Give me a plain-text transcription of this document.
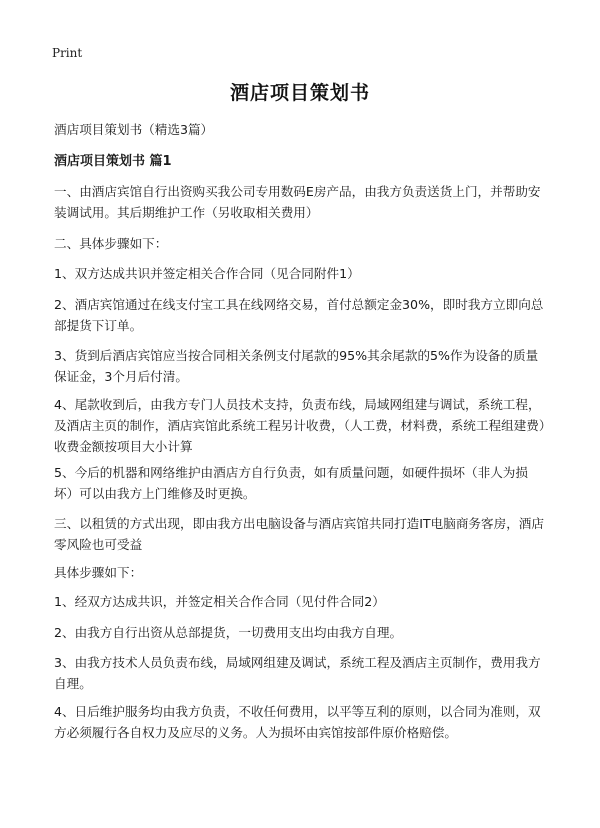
Print
酒店项目策划书
酒店项目策划书（精选3篇）
酒店项目策划书 篇1
一、由酒店宾馆自行出资购买我公司专用数码E房产品，由我方负责送货上门，并帮助安装调试用。其后期维护工作（另收取相关费用）
二、具体步骤如下：
1、双方达成共识并签定相关合作合同（见合同附件1）
2、酒店宾馆通过在线支付宝工具在线网络交易，首付总额定金30%，即时我方立即向总部提货下订单。
3、货到后酒店宾馆应当按合同相关条例支付尾款的95%其余尾款的5%作为设备的质量保证金，3个月后付清。
4、尾款收到后，由我方专门人员技术支持，负责布线，局域网组建与调试，系统工程，及酒店主页的制作，酒店宾馆此系统工程另计收费，（人工费，材料费，系统工程组建费）收费金额按项目大小计算
5、今后的机器和网络维护由酒店方自行负责，如有质量问题，如硬件损坏（非人为损坏）可以由我方上门维修及时更换。
三、以租赁的方式出现，即由我方出电脑设备与酒店宾馆共同打造IT电脑商务客房，酒店零风险也可受益
具体步骤如下：
1、经双方达成共识，并签定相关合作合同（见付件合同2）
2、由我方自行出资从总部提货，一切费用支出均由我方自理。
3、由我方技术人员负责布线，局域网组建及调试，系统工程及酒店主页制作，费用我方自理。
4、日后维护服务均由我方负责，不收任何费用，以平等互利的原则，以合同为准则，双方必须履行各自权力及应尽的义务。人为损坏由宾馆按部件原价格赔偿。
